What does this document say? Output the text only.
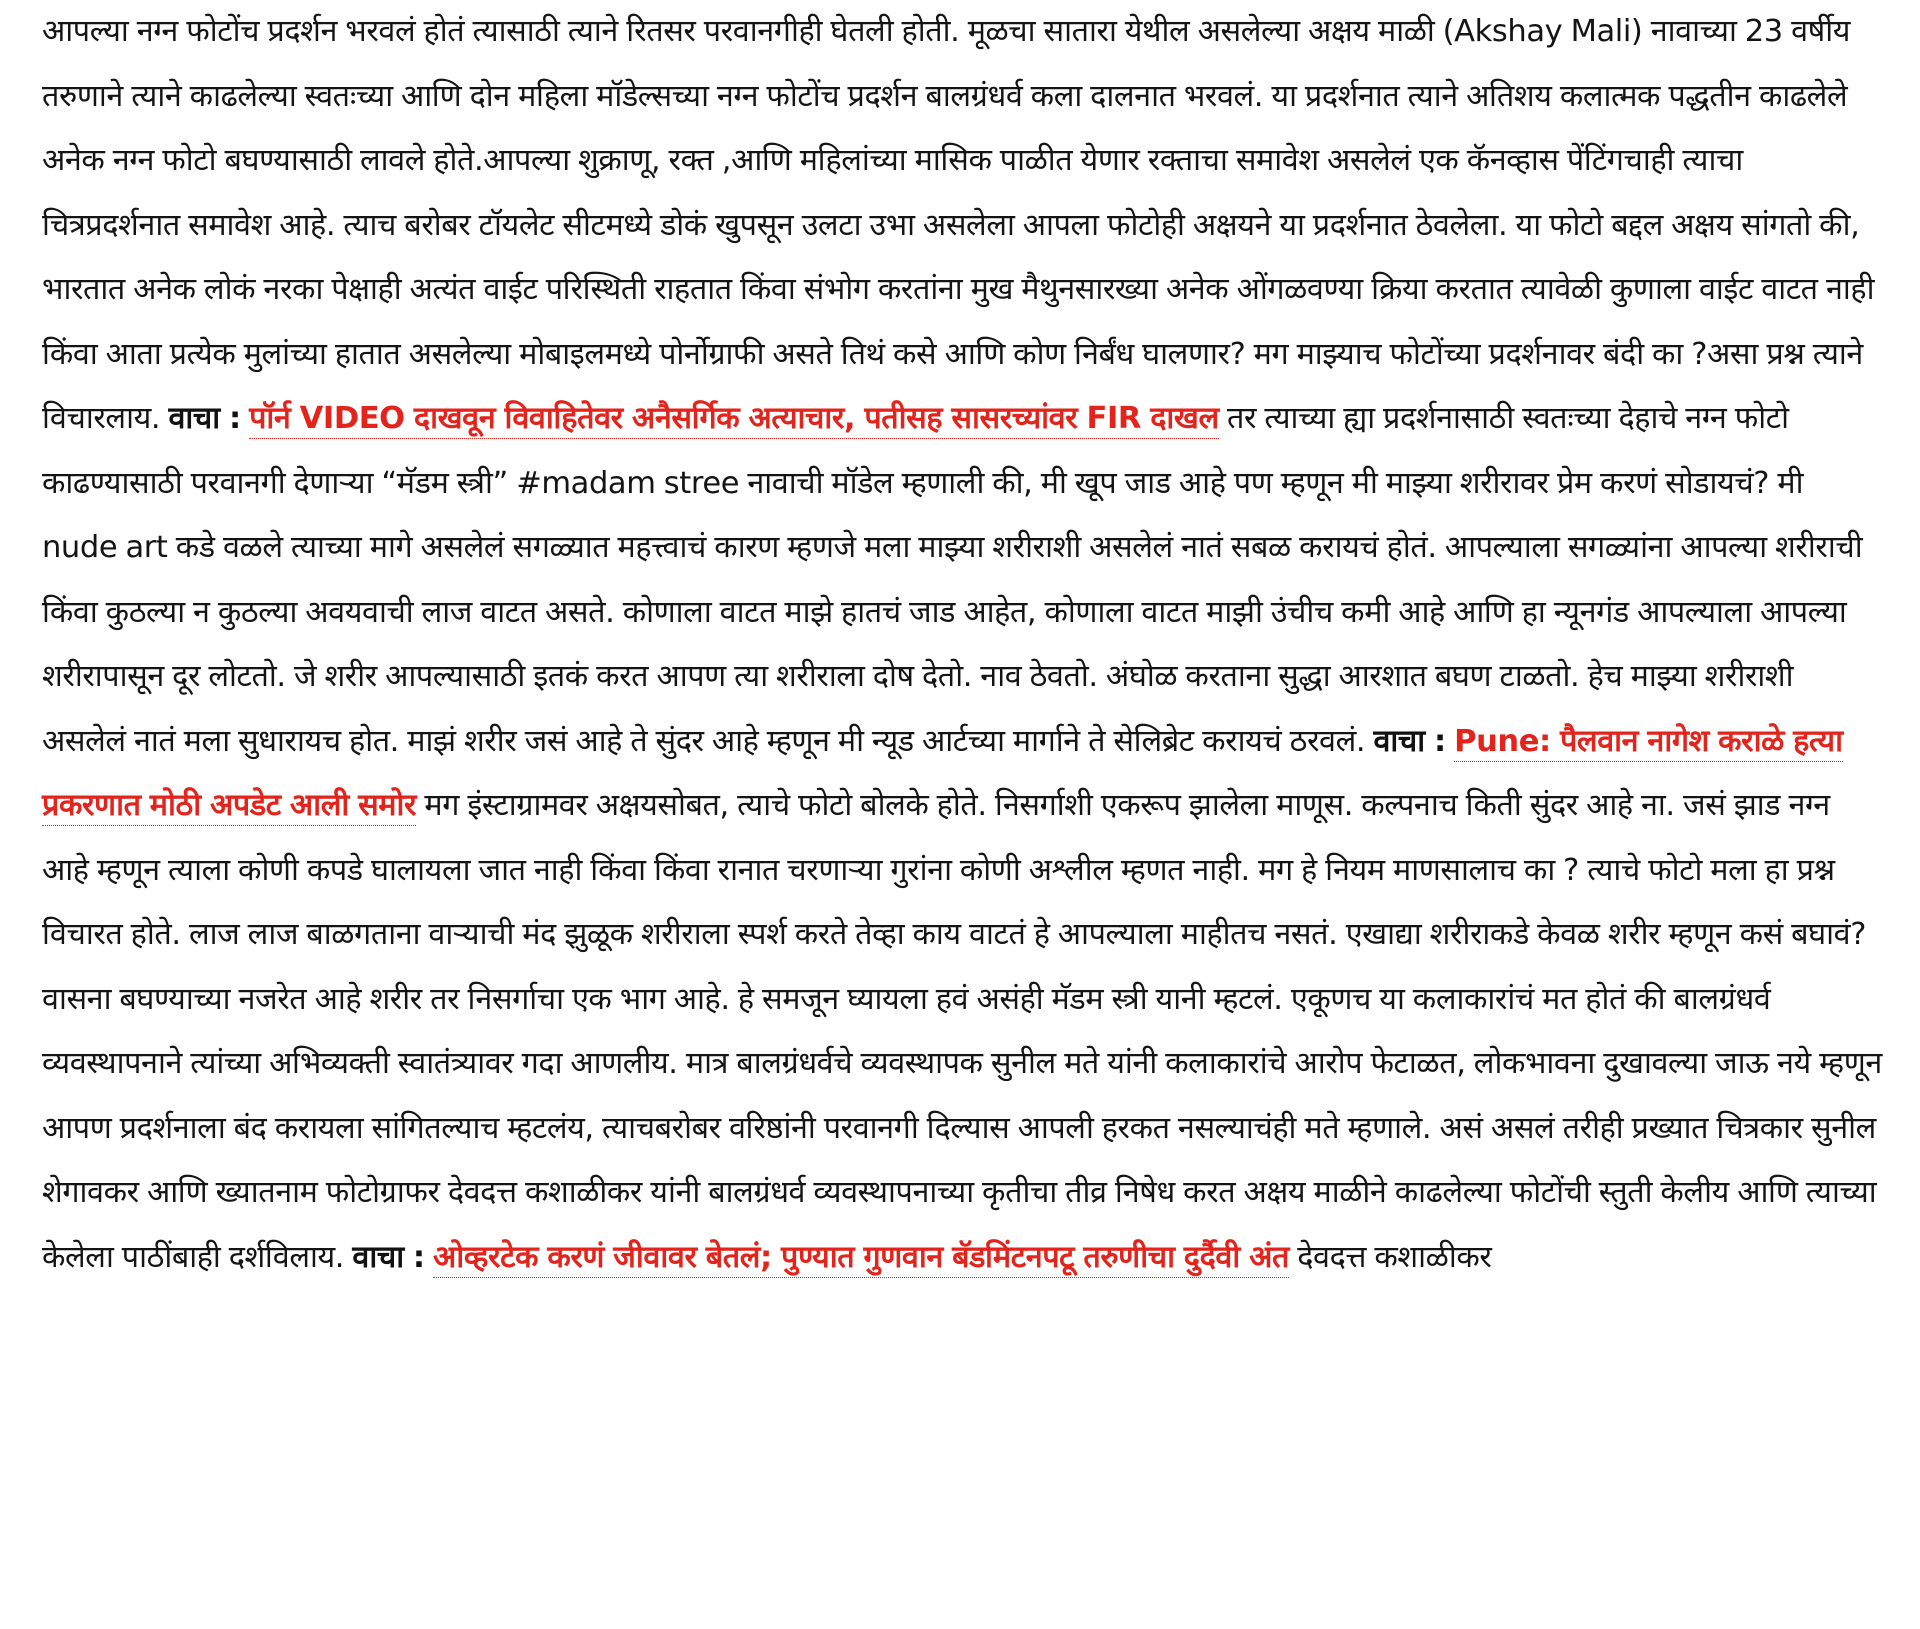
आपल्या नग्न फोटोंच प्रदर्शन भरवलं होतं त्यासाठी त्याने रितसर परवानगीही घेतली होती. मूळचा सातारा येथील असलेल्या अक्षय माळी (Akshay Mali) नावाच्या 23 वर्षीय तरुणाने त्याने काढलेल्या स्वतःच्या आणि दोन महिला मॉडेल्सच्या नग्न फोटोंच प्रदर्शन बालग्रंधर्व कला दालनात भरवलं. या प्रदर्शनात त्याने अतिशय कलात्मक पद्धतीन काढलेले अनेक नग्न फोटो बघण्यासाठी लावले होते.आपल्या शुक्राणू, रक्त ,आणि महिलांच्या मासिक पाळीत येणार रक्ताचा समावेश असलेलं एक कॅनव्हास पेंटिंगचाही त्याचा चित्रप्रदर्शनात समावेश आहे. त्याच बरोबर टॉयलेट सीटमध्ये डोकं खुपसून उलटा उभा असलेला आपला फोटोही अक्षयने या प्रदर्शनात ठेवलेला. या फोटो बद्दल अक्षय सांगतो की, भारतात अनेक लोकं नरका पेक्षाही अत्यंत वाईट परिस्थिती राहतात किंवा संभोग करतांना मुख मैथुनसारख्या अनेक ओंगळवण्या क्रिया करतात त्यावेळी कुणाला वाईट वाटत नाही किंवा आता प्रत्येक मुलांच्या हातात असलेल्या मोबाइलमध्ये पोर्नोग्राफी असते तिथं कसे आणि कोण निर्बंध घालणार? मग माझ्याच फोटोंच्या प्रदर्शनावर बंदी का ?असा प्रश्न त्याने विचारलाय. वाचा : पॉर्न VIDEO दाखवून विवाहितेवर अनैसर्गिक अत्याचार, पतीसह सासरच्यांवर FIR दाखल तर त्याच्या ह्या प्रदर्शनासाठी स्वतःच्या देहाचे नग्न फोटो काढण्यासाठी परवानगी देणाऱ्या “मॅडम स्त्री” #madam stree नावाची मॉडेल म्हणाली की, मी खूप जाड आहे पण म्हणून मी माझ्या शरीरावर प्रेम करणं सोडायचं? मी nude art कडे वळले त्याच्या मागे असलेलं सगळ्यात महत्त्वाचं कारण म्हणजे मला माझ्या शरीराशी असलेलं नातं सबळ करायचं होतं. आपल्याला सगळ्यांना आपल्या शरीराची किंवा कुठल्या न कुठल्या अवयवाची लाज वाटत असते. कोणाला वाटत माझे हातचं जाड आहेत, कोणाला वाटत माझी उंचीच कमी आहे आणि हा न्यूनगंड आपल्याला आपल्या शरीरापासून दूर लोटतो. जे शरीर आपल्यासाठी इतकं करत आपण त्या शरीराला दोष देतो. नाव ठेवतो. अंघोळ करताना सुद्धा आरशात बघण टाळतो. हेच माझ्या शरीराशी असलेलं नातं मला सुधारायच होत. माझं शरीर जसं आहे ते सुंदर आहे म्हणून मी न्यूड आर्टच्या मार्गाने ते सेलिब्रेट करायचं ठरवलं. वाचा : Pune: पैलवान नागेश कराळे हत्या प्रकरणात मोठी अपडेट आली समोर मग इंस्टाग्रामवर अक्षयसोबत, त्याचे फोटो बोलके होते. निसर्गाशी एकरूप झालेला माणूस. कल्पनाच किती सुंदर आहे ना. जसं झाड नग्न आहे म्हणून त्याला कोणी कपडे घालायला जात नाही किंवा किंवा रानात चरणाऱ्या गुरांना कोणी अश्लील म्हणत नाही. मग हे नियम माणसालाच का ? त्याचे फोटो मला हा प्रश्न विचारत होते. लाज लाज बाळगताना वाऱ्याची मंद झुळूक शरीराला स्पर्श करते तेव्हा काय वाटतं हे आपल्याला माहीतच नसतं. एखाद्या शरीराकडे केवळ शरीर म्हणून कसं बघावं? वासना बघण्याच्या नजरेत आहे शरीर तर निसर्गाचा एक भाग आहे. हे समजून घ्यायला हवं असंही मॅडम स्त्री यानी म्हटलं. एकूणच या कलाकारांचं मत होतं की बालग्रंधर्व व्यवस्थापनाने त्यांच्या अभिव्यक्ती स्वातंत्र्यावर गदा आणलीय. मात्र बालग्रंधर्वचे व्यवस्थापक सुनील मते यांनी कलाकारांचे आरोप फेटाळत, लोकभावना दुखावल्या जाऊ नये म्हणून आपण प्रदर्शनाला बंद करायला सांगितल्याच म्हटलंय, त्याचबरोबर वरिष्ठांनी परवानगी दिल्यास आपली हरकत नसल्याचंही मते म्हणाले. असं असलं तरीही प्रख्यात चित्रकार सुनील शेगावकर आणि ख्यातनाम फोटोग्राफर देवदत्त कशाळीकर यांनी बालग्रंधर्व व्यवस्थापनाच्या कृतीचा तीव्र निषेध करत अक्षय माळीने काढलेल्या फोटोंची स्तुती केलीय आणि त्याच्या केलेला पाठींबाही दर्शविलाय. वाचा : ओव्हरटेक करणं जीवावर बेतलं; पुण्यात गुणवान बॅडमिंटनपटू तरुणीचा दुर्दैवी अंत देवदत्त कशाळीकर
